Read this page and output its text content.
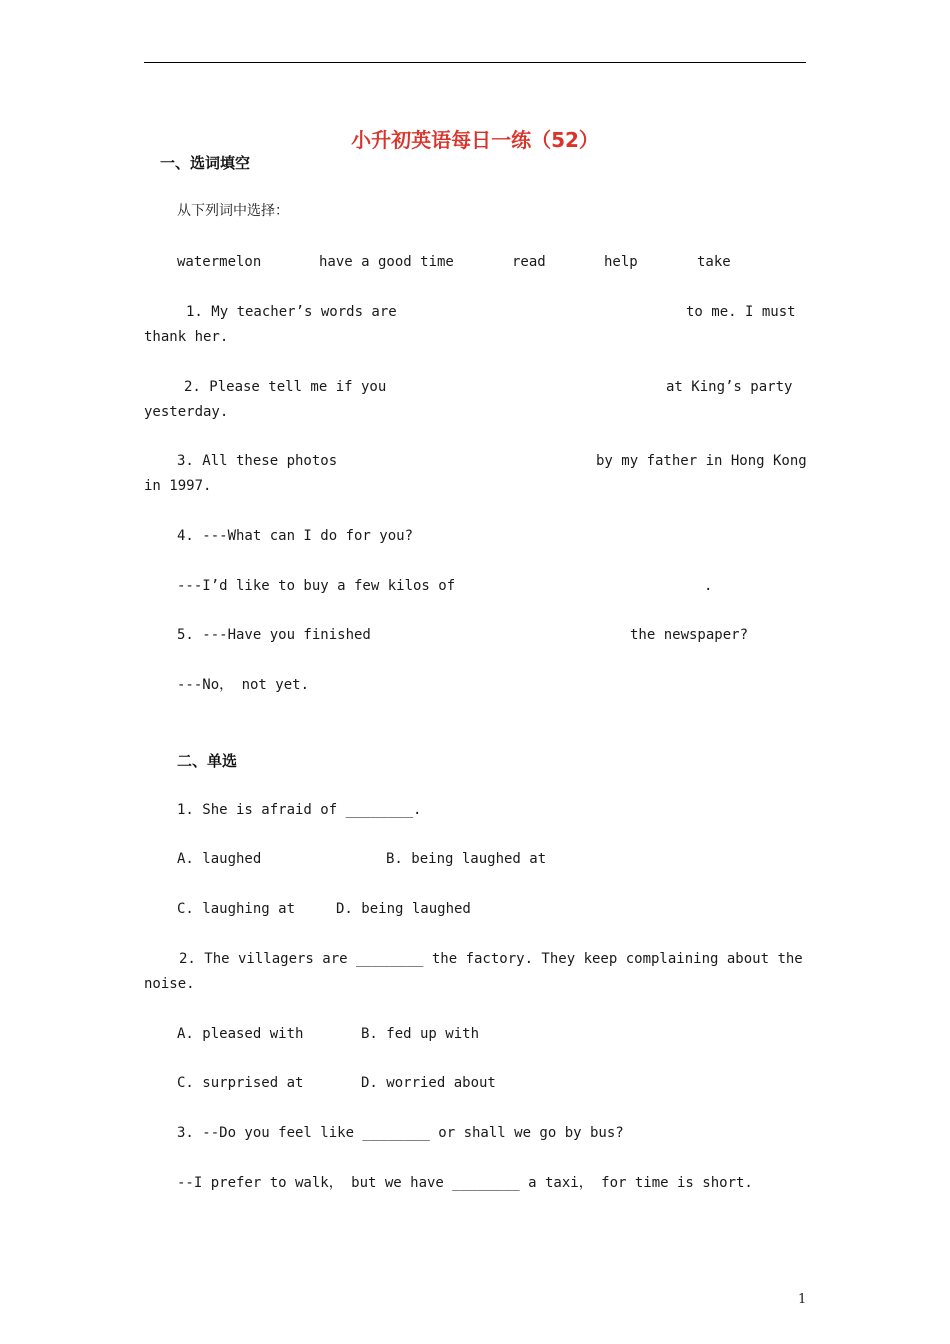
小升初英语每日一练（52）
一、选词填空
从下列词中选择：
watermelon	have a good time	read	help	take
1. My teacher’s words are	to me. I must
thank her.
2. Please tell me if you	at King’s party
yesterday.
3. All these photos	by my father in Hong Kong
in 1997.
4. ---What can I do for you?
---I’d like to buy a few kilos of	.
5. ---Have you finished	the newspaper?
---No， not yet.
二、单选
1. She is afraid of ________.
A. laughed	B. being laughed at
C. laughing at	D. being laughed
2. The villagers are ________ the factory. They keep complaining about the
noise.
A. pleased with	B. fed up with
C. surprised at	D. worried about
3. --Do you feel like ________ or shall we go by bus?
--I prefer to walk， but we have ________ a taxi， for time is short.
1
